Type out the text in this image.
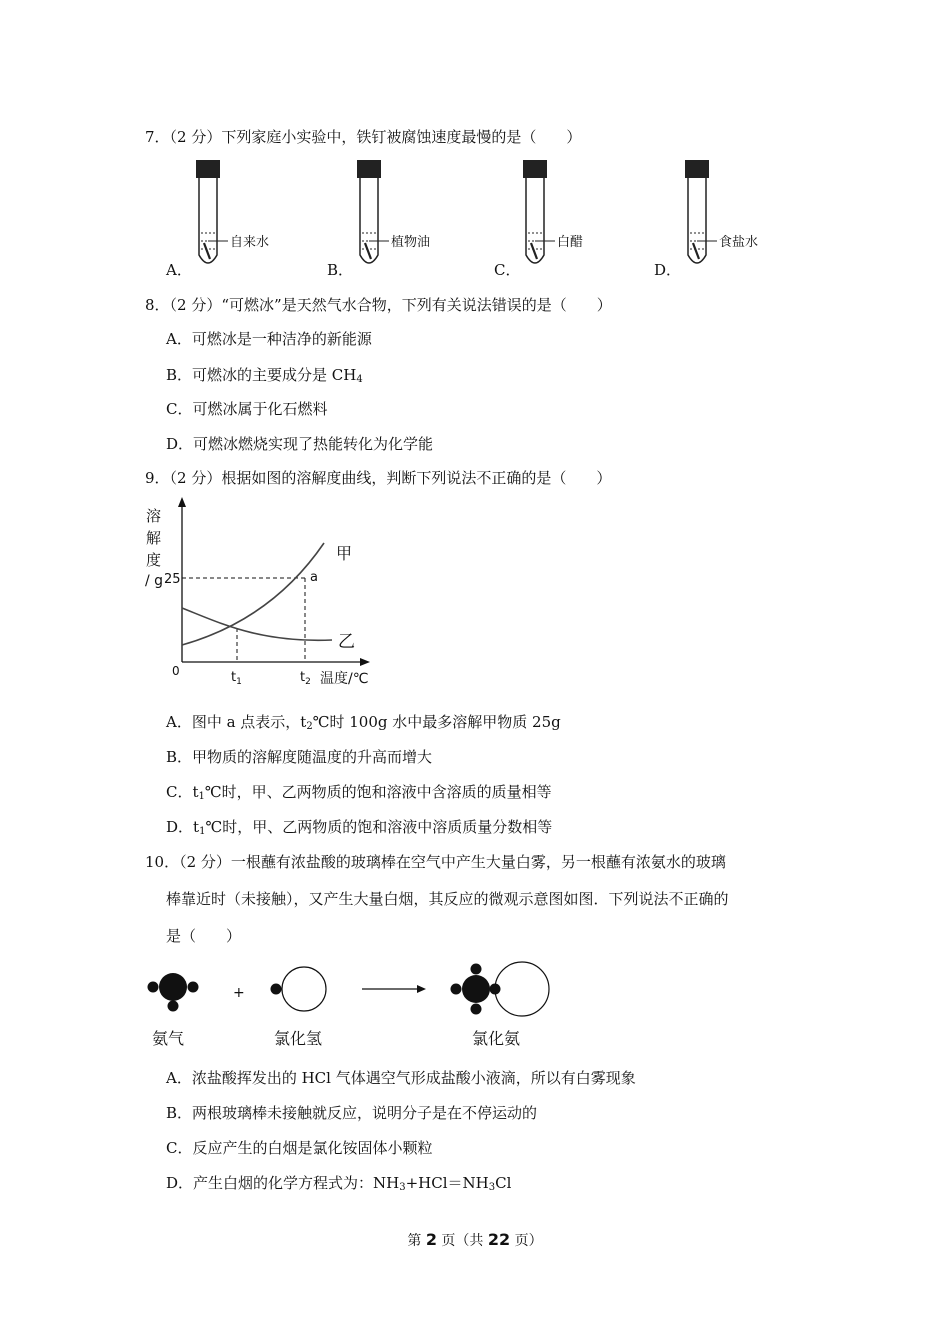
7．（2 分）下列家庭小实验中，铁钉被腐蚀速度最慢的是（　　）
自来水
A．
植物油
B．
白醋
C．
食盐水
D．
8．（2 分）“可燃冰”是天然气水合物，下列有关说法错误的是（　　）
A．可燃冰是一种洁净的新能源
B．可燃冰的主要成分是 $CH_4$
C．可燃冰属于化石燃料
D．可燃冰燃烧实现了热能转化为化学能
9．（2 分）根据如图的溶解度曲线，判断下列说法不正确的是（　　）
溶
解
度
/ g 25
0
甲
乙
a
$t_1$	$t_2$ 温度/℃
A．图中 a 点表示，$t_2℃$时 100g 水中最多溶解甲物质 25g
B．甲物质的溶解度随温度的升高而增大
C．$t_1℃$时，甲、乙两物质的饱和溶液中含溶质的质量相等
D．$t_1℃$时，甲、乙两物质的饱和溶液中溶质质量分数相等
10．（2 分）一根蘸有浓盐酸的玻璃棒在空气中产生大量白雾，另一根蘸有浓氨水的玻璃
棒靠近时（未接触），又产生大量白烟，其反应的微观示意图如图．下列说法不正确的
是（　　）
+
氨气	氯化氢	氯化氨
A．浓盐酸挥发出的 HCl 气体遇空气形成盐酸小液滴，所以有白雾现象
B．两根玻璃棒未接触就反应，说明分子是在不停运动的
C．反应产生的白烟是氯化铵固体小颗粒
D．产生白烟的化学方程式为：$NH_3+HCl=NH_3Cl$
第 2 页（共 22 页）
